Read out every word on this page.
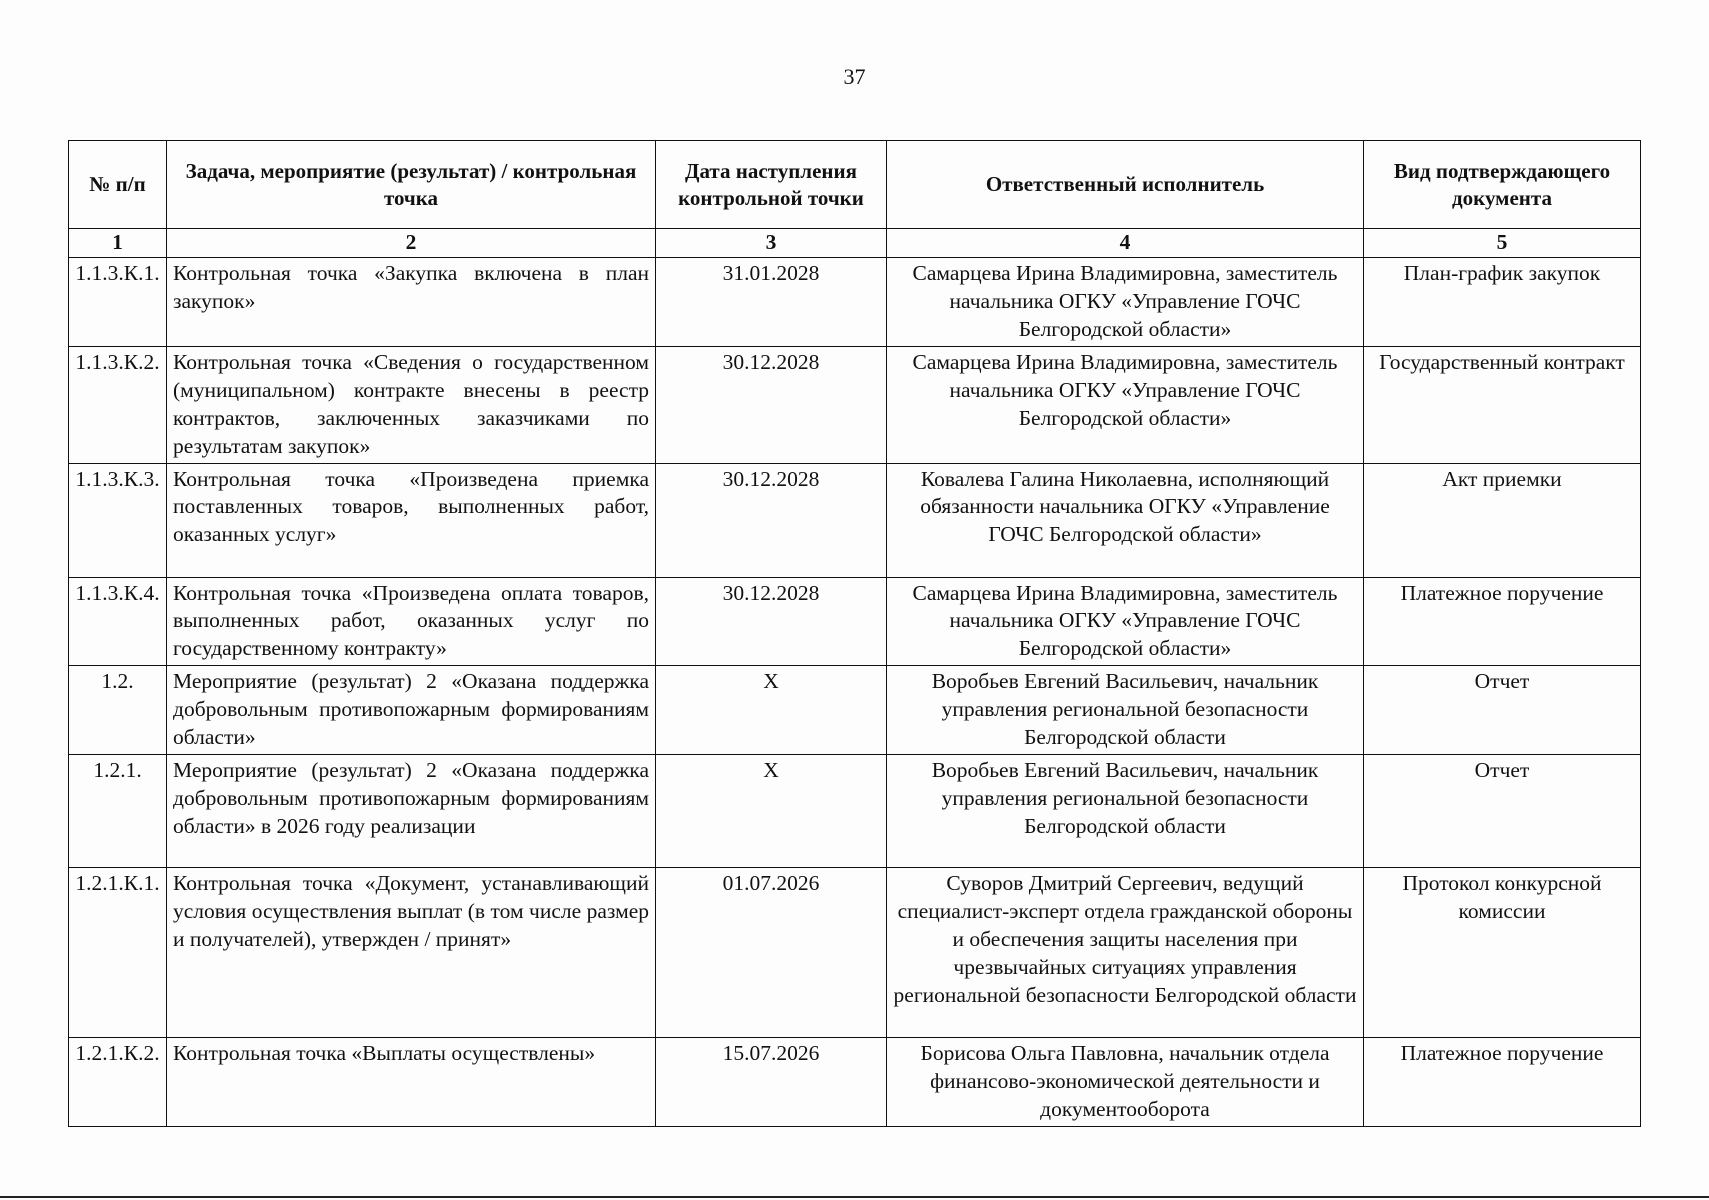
37
№ п/п	Задача, мероприятие (результат) / контрольная точка	Дата наступления контрольной точки	Ответственный исполнитель	Вид подтверждающего документа
1	2	3	4	5
1.1.3.К.1.	Контрольная точка «Закупка включена в план закупок»	31.01.2028	Самарцева Ирина Владимировна, заместитель начальника ОГКУ «Управление ГОЧС Белгородской области»	План-график закупок
1.1.3.К.2.	Контрольная точка «Сведения о государственном (муниципальном) контракте внесены в реестр контрактов, заключенных заказчиками по результатам закупок»	30.12.2028	Самарцева Ирина Владимировна, заместитель начальника ОГКУ «Управление ГОЧС Белгородской области»	Государственный контракт
1.1.3.К.3.	Контрольная точка «Произведена приемка поставленных товаров, выполненных работ, оказанных услуг»	30.12.2028	Ковалева Галина Николаевна, исполняющий обязанности начальника ОГКУ «Управление ГОЧС Белгородской области»	Акт приемки
1.1.3.К.4.	Контрольная точка «Произведена оплата товаров, выполненных работ, оказанных услуг по государственному контракту»	30.12.2028	Самарцева Ирина Владимировна, заместитель начальника ОГКУ «Управление ГОЧС Белгородской области»	Платежное поручение
1.2.	Мероприятие (результат) 2 «Оказана поддержка добровольным противопожарным формированиям области»	Х	Воробьев Евгений Васильевич, начальник управления региональной безопасности Белгородской области	Отчет
1.2.1.	Мероприятие (результат) 2 «Оказана поддержка добровольным противопожарным формированиям области» в 2026 году реализации	Х	Воробьев Евгений Васильевич, начальник управления региональной безопасности Белгородской области	Отчет
1.2.1.К.1.	Контрольная точка «Документ, устанавливающий условия осуществления выплат (в том числе размер и получателей), утвержден / принят»	01.07.2026	Суворов Дмитрий Сергеевич, ведущий специалист-эксперт отдела гражданской обороны и обеспечения защиты населения при чрезвычайных ситуациях управления региональной безопасности Белгородской области	Протокол конкурсной комиссии
1.2.1.К.2.	Контрольная точка «Выплаты осуществлены»	15.07.2026	Борисова Ольга Павловна, начальник отдела финансово-экономической деятельности и документооборота	Платежное поручение
